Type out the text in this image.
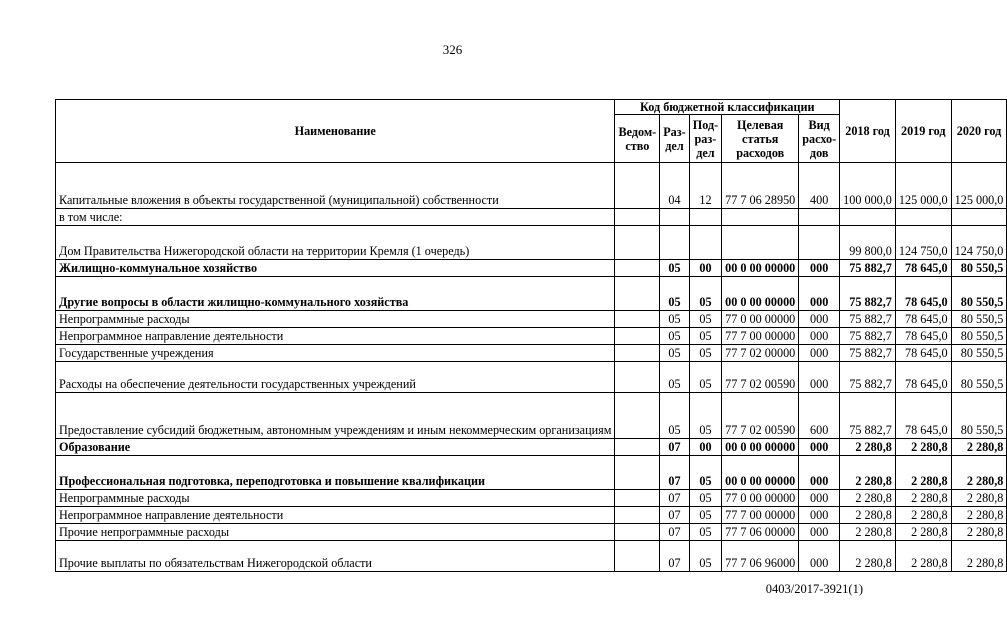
326
Наименование	Код бюджетной классификации					2018 год	2019 год	2020 год
	Ведом-ство	Раз-дел	Под-раз-дел	Целевая статья расходов	Вид расхо-дов			
Капитальные вложения в объекты государственной (муниципальной) собственности		04	12	77 7 06 28950	400	100 000,0	125 000,0	125 000,0
в том числе:								
Дом Правительства Нижегородской области на территории Кремля (1 очередь)						99 800,0	124 750,0	124 750,0
Жилищно-коммунальное хозяйство		05	00	00 0 00 00000	000	75 882,7	78 645,0	80 550,5
Другие вопросы в области жилищно-коммунального хозяйства		05	05	00 0 00 00000	000	75 882,7	78 645,0	80 550,5
Непрограммные расходы		05	05	77 0 00 00000	000	75 882,7	78 645,0	80 550,5
Непрограммное направление деятельности		05	05	77 7 00 00000	000	75 882,7	78 645,0	80 550,5
Государственные учреждения		05	05	77 7 02 00000	000	75 882,7	78 645,0	80 550,5
Расходы на обеспечение деятельности государственных учреждений		05	05	77 7 02 00590	000	75 882,7	78 645,0	80 550,5
Предоставление субсидий бюджетным, автономным учреждениям и иным некоммерческим организациям		05	05	77 7 02 00590	600	75 882,7	78 645,0	80 550,5
Образование		07	00	00 0 00 00000	000	2 280,8	2 280,8	2 280,8
Профессиональная подготовка, переподготовка и повышение квалификации		07	05	00 0 00 00000	000	2 280,8	2 280,8	2 280,8
Непрограммные расходы		07	05	77 0 00 00000	000	2 280,8	2 280,8	2 280,8
Непрограммное направление деятельности		07	05	77 7 00 00000	000	2 280,8	2 280,8	2 280,8
Прочие непрограммные расходы		07	05	77 7 06 00000	000	2 280,8	2 280,8	2 280,8
Прочие выплаты по обязательствам Нижегородской области		07	05	77 7 06 96000	000	2 280,8	2 280,8	2 280,8
0403/2017-3921(1)
